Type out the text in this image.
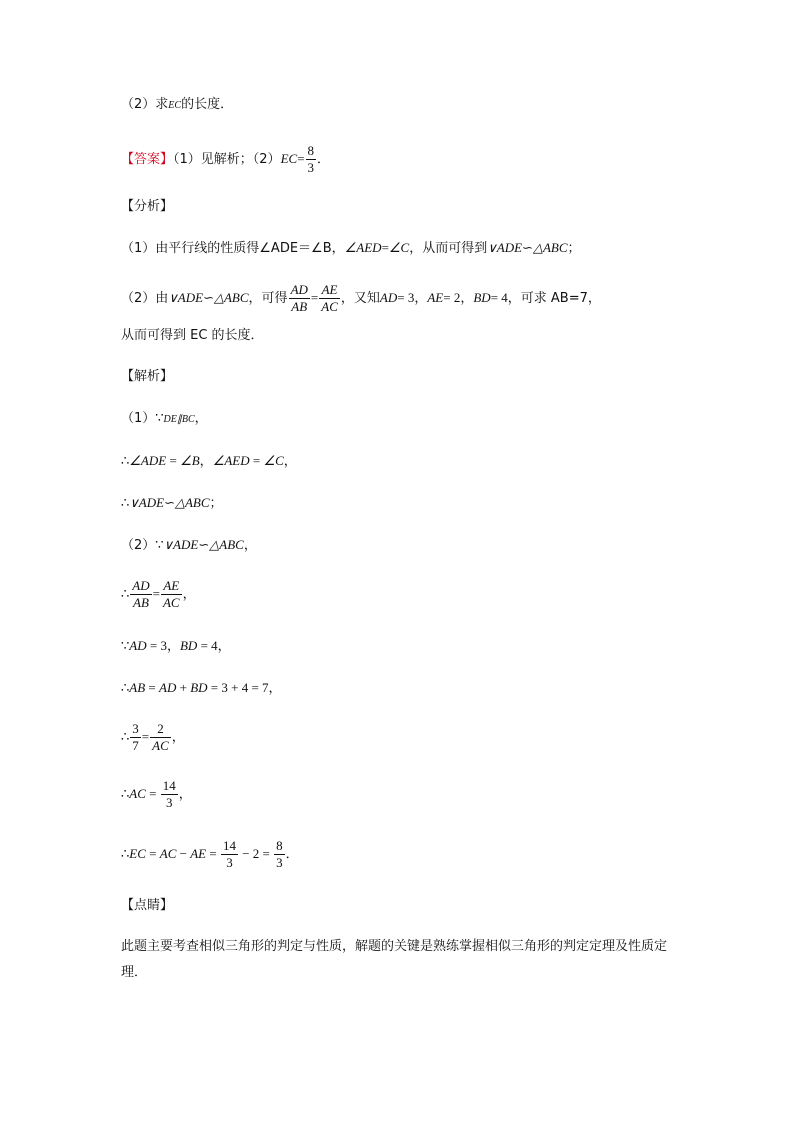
（2）求EC的长度．
【答案】（1）见解析；$(2)EC= \frac{8}{3}$ ．
【分析】
（1）由平行线的性质得∠ADE＝∠B，∠AED=∠C，从而可得到∨ADE∽△ABC；
（2）由∨ADE∽△ABC，可得 $\frac{AD}{AB} = \frac{AE}{AC}$ ，又知AD= 3，AE= 2，BD= 4，可求 AB=7，
从而可得到 EC 的长度．
【解析】
（1）∵DE∥BC，
∴∠ADE = ∠B，∠AED = ∠C，
∴∨ADE∽△ABC；
（2）∵∨ADE∽△ABC，
∴ $\frac{AD}{AB} = \frac{AE}{AC}$ ，
∵AD = 3，BD = 4，
∴AB = AD + BD = 3 + 4 = 7，
∴ $\frac{3}{7} = \frac{2}{AC}$ ，
∴AC = $\frac{14}{3}$ ，
∴EC = AC − AE = $\frac{14}{3} - 2 = \frac{8}{3}$ ．
【点睛】
此题主要考查相似三角形的判定与性质，解题的关键是熟练掌握相似三角形的判定定理及性质定理．
